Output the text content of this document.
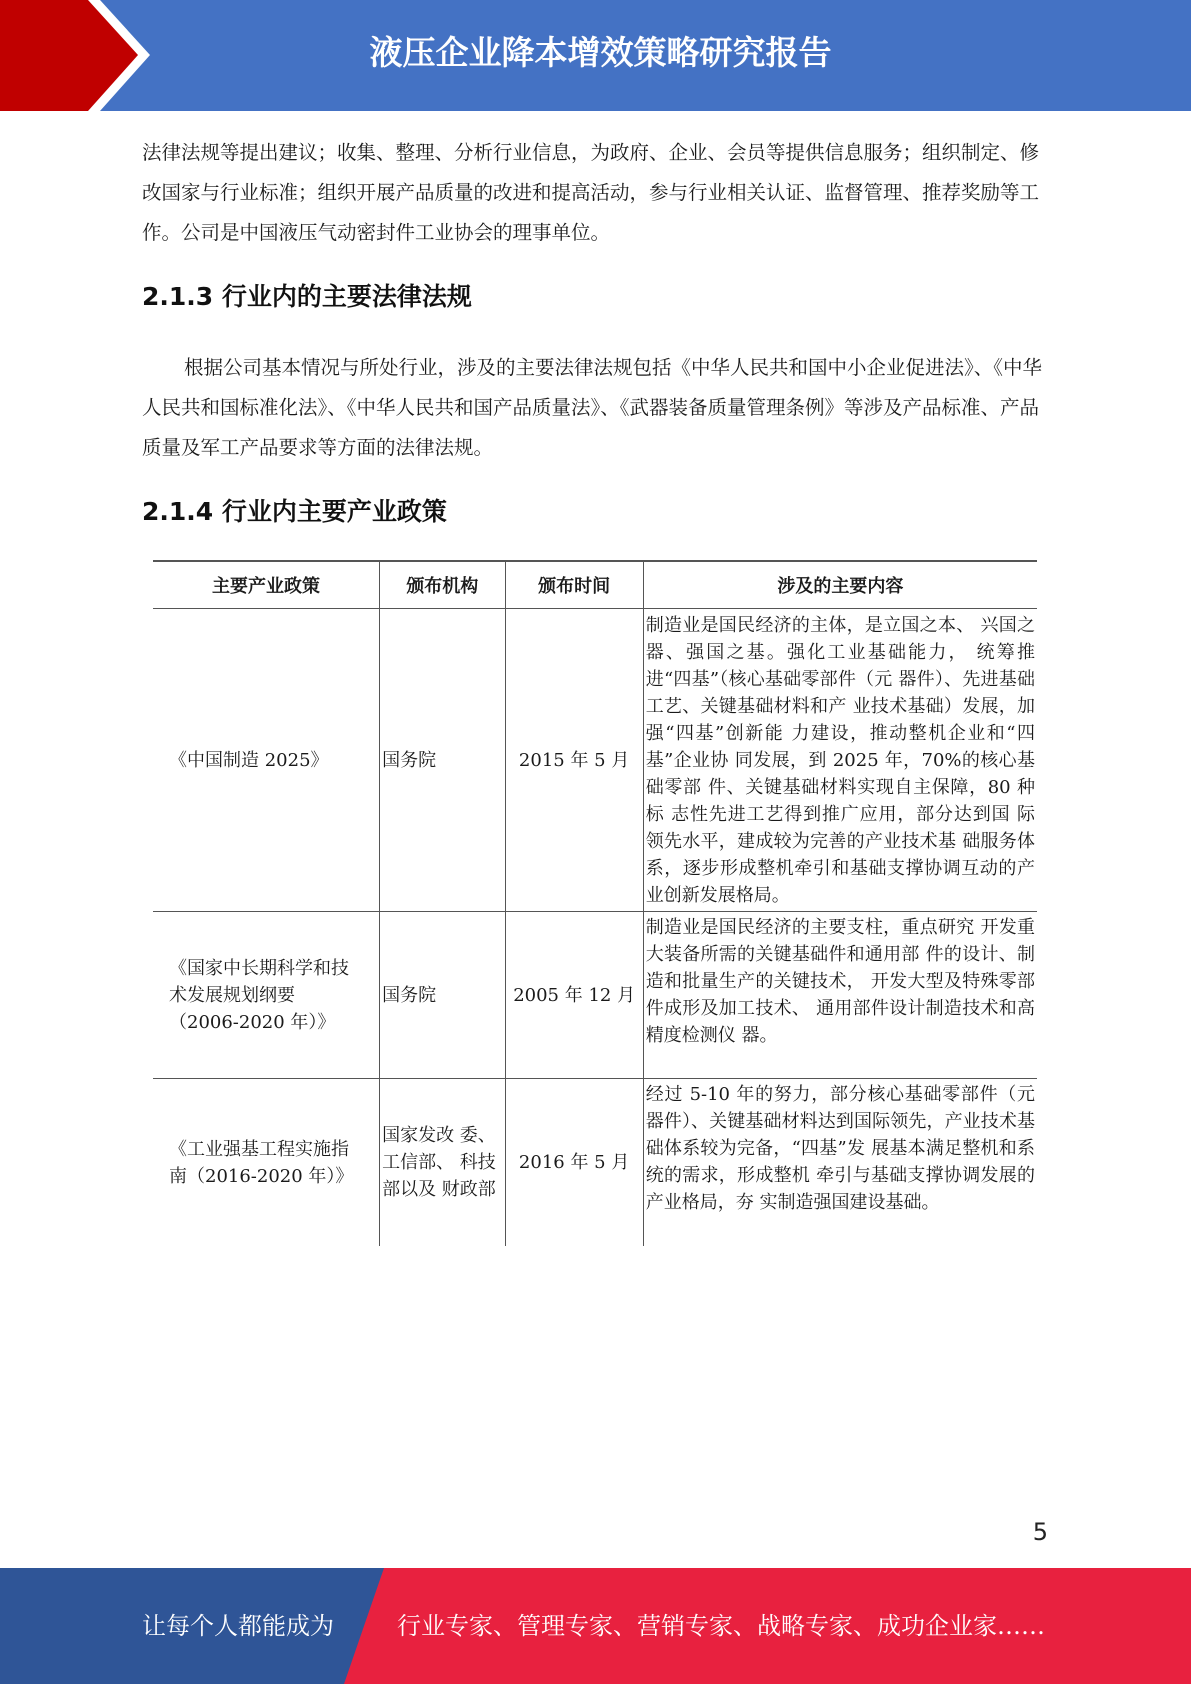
液压企业降本增效策略研究报告

法律法规等提出建议；收集、整理、分析行业信息，为政府、企业、会员等提供信息服务；组织制定、修改国家与行业标准；组织开展产品质量的改进和提高活动，参与行业相关认证、监督管理、推荐奖励等工作。公司是中国液压气动密封件工业协会的理事单位。

2.1.3 行业内的主要法律法规

根据公司基本情况与所处行业，涉及的主要法律法规包括《中华人民共和国中小企业促进法》、《中华人民共和国标准化法》、《中华人民共和国产品质量法》、《武器装备质量管理条例》等涉及产品标准、产品质量及军工产品要求等方面的法律法规。

2.1.4 行业内主要产业政策
主要产业政策	颁布机构	颁布时间	涉及的主要内容
《中国制造 2025》	国务院	2015 年 5 月	制造业是国民经济的主体，是立国之本、 兴国之器、强国之基。强化工业基础能力， 统筹推进“四基”（核心基础零部件（元 器件）、先进基础工艺、关键基础材料和产 业技术基础）发展，加强“四基”创新能 力建设，推动整机企业和“四基”企业协 同发展，到 2025 年，70%的核心基础零部 件、关键基础材料实现自主保障，80 种标 志性先进工艺得到推广应用，部分达到国 际领先水平，建成较为完善的产业技术基 础服务体系，逐步形成整机牵引和基础支撑协调互动的产业创新发展格局。
《国家中长期科学和技术发展规划纲要（2006-2020 年）》	国务院	2005 年 12 月	制造业是国民经济的主要支柱，重点研究 开发重大装备所需的关键基础件和通用部 件的设计、制造和批量生产的关键技术， 开发大型及特殊零部件成形及加工技术、 通用部件设计制造技术和高精度检测仪 器。
《工业强基工程实施指南（2016-2020 年）》	国家发改 委、工信部、 科技部以及 财政部	2016 年 5 月	经过 5-10 年的努力，部分核心基础零部件（元器件）、关键基础材料达到国际领先，产业技术基础体系较为完备，“四基”发 展基本满足整机和系统的需求，形成整机 牵引与基础支撑协调发展的产业格局，夯 实制造强国建设基础。
5
让每个人都能成为	行业专家、管理专家、营销专家、战略专家、成功企业家……
